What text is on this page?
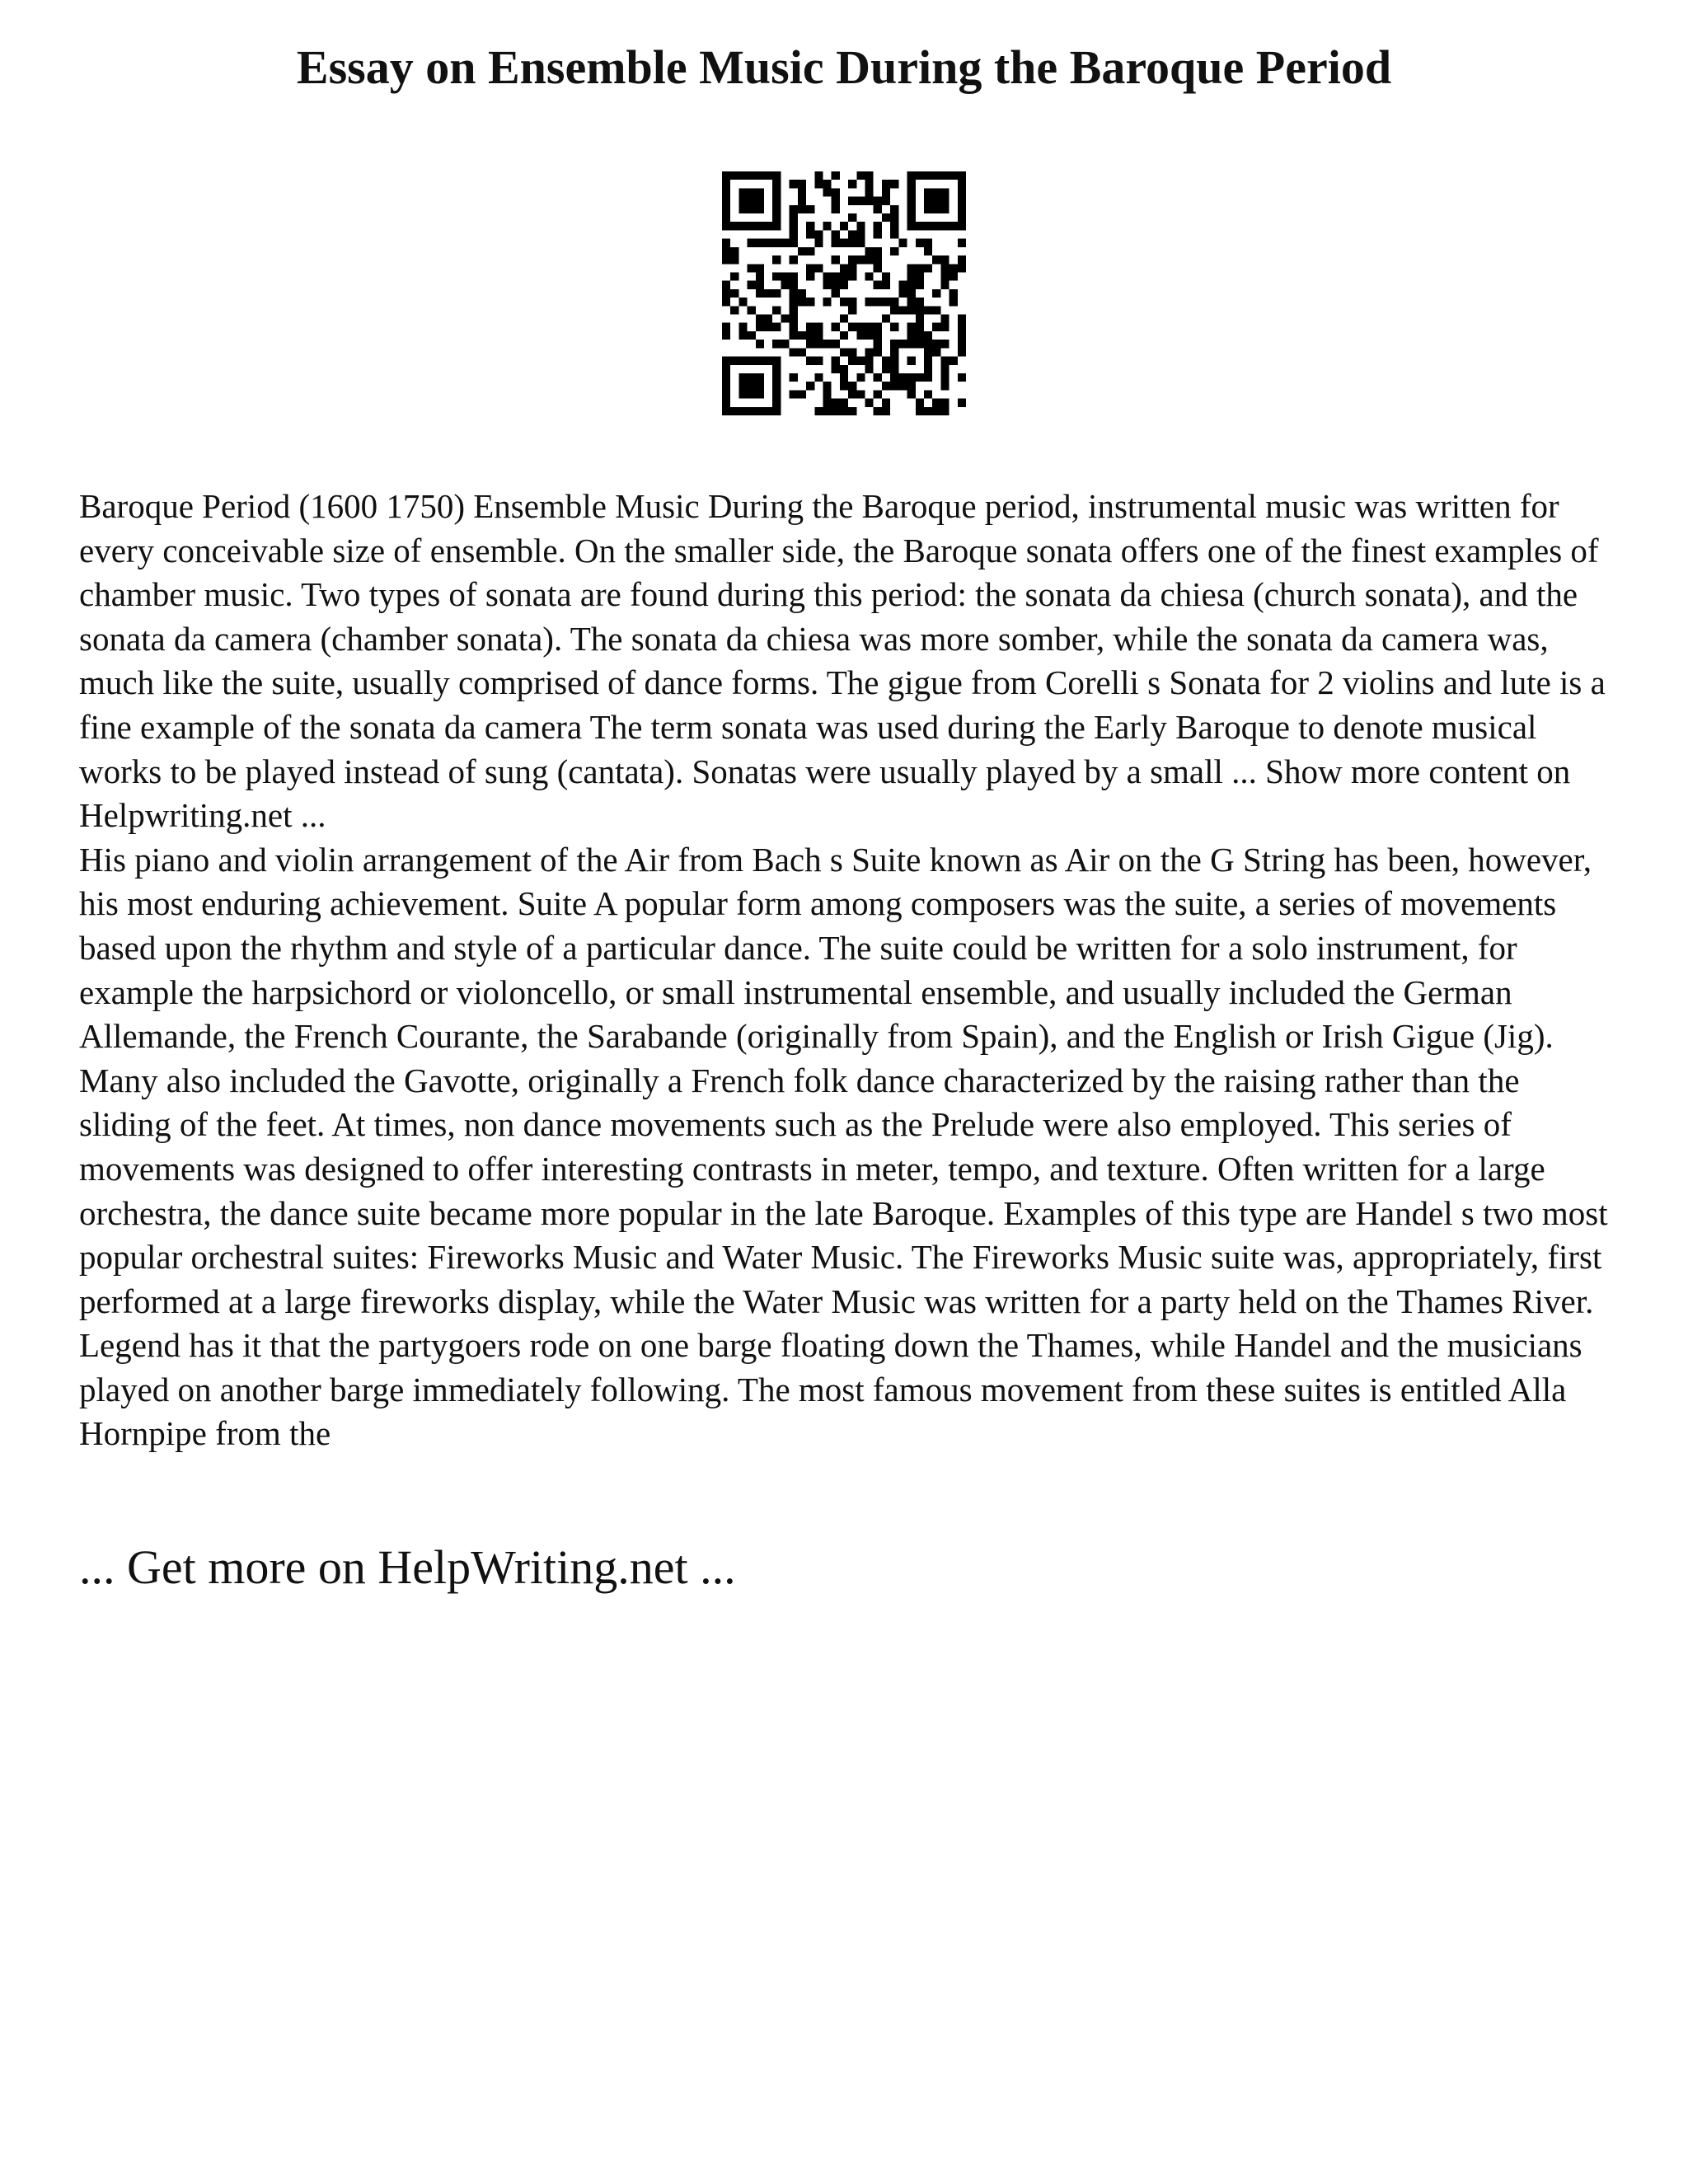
Essay on Ensemble Music During the Baroque Period

Baroque Period (1600 1750) Ensemble Music During the Baroque period, instrumental music was written for every conceivable size of ensemble. On the smaller side, the Baroque sonata offers one of the finest examples of chamber music. Two types of sonata are found during this period: the sonata da chiesa (church sonata), and the sonata da camera (chamber sonata). The sonata da chiesa was more somber, while the sonata da camera was, much like the suite, usually comprised of dance forms. The gigue from Corelli s Sonata for 2 violins and lute is a fine example of the sonata da camera The term sonata was used during the Early Baroque to denote musical works to be played instead of sung (cantata). Sonatas were usually played by a small ... Show more content on Helpwriting.net ...

His piano and violin arrangement of the Air from Bach s Suite known as Air on the G String has been, however, his most enduring achievement. Suite A popular form among composers was the suite, a series of movements based upon the rhythm and style of a particular dance. The suite could be written for a solo instrument, for example the harpsichord or violoncello, or small instrumental ensemble, and usually included the German Allemande, the French Courante, the Sarabande (originally from Spain), and the English or Irish Gigue (Jig). Many also included the Gavotte, originally a French folk dance characterized by the raising rather than the sliding of the feet. At times, non dance movements such as the Prelude were also employed. This series of movements was designed to offer interesting contrasts in meter, tempo, and texture. Often written for a large orchestra, the dance suite became more popular in the late Baroque. Examples of this type are Handel s two most popular orchestral suites: Fireworks Music and Water Music. The Fireworks Music suite was, appropriately, first performed at a large fireworks display, while the Water Music was written for a party held on the Thames River. Legend has it that the partygoers rode on one barge floating down the Thames, while Handel and the musicians played on another barge immediately following. The most famous movement from these suites is entitled Alla Hornpipe from the

... Get more on HelpWriting.net ...
